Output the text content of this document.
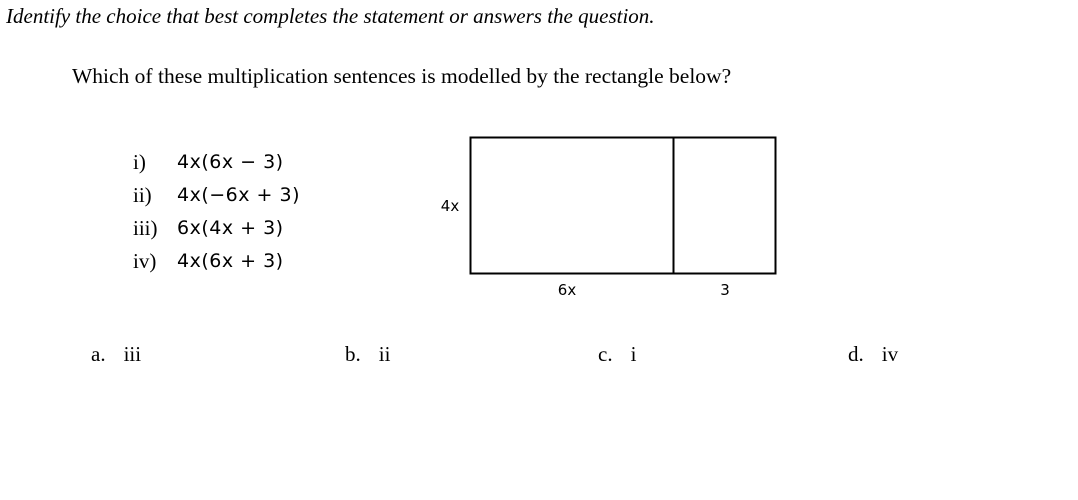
Identify the choice that best completes the statement or answers the question.
Which of these multiplication sentences is modelled by the rectangle below?
i)	4x(6x − 3)
ii)	4x(−6x + 3)
iii)	6x(4x + 3)
iv)	4x(6x + 3)
4x
6x	3
a. iii	b. ii	c. i	d. iv
